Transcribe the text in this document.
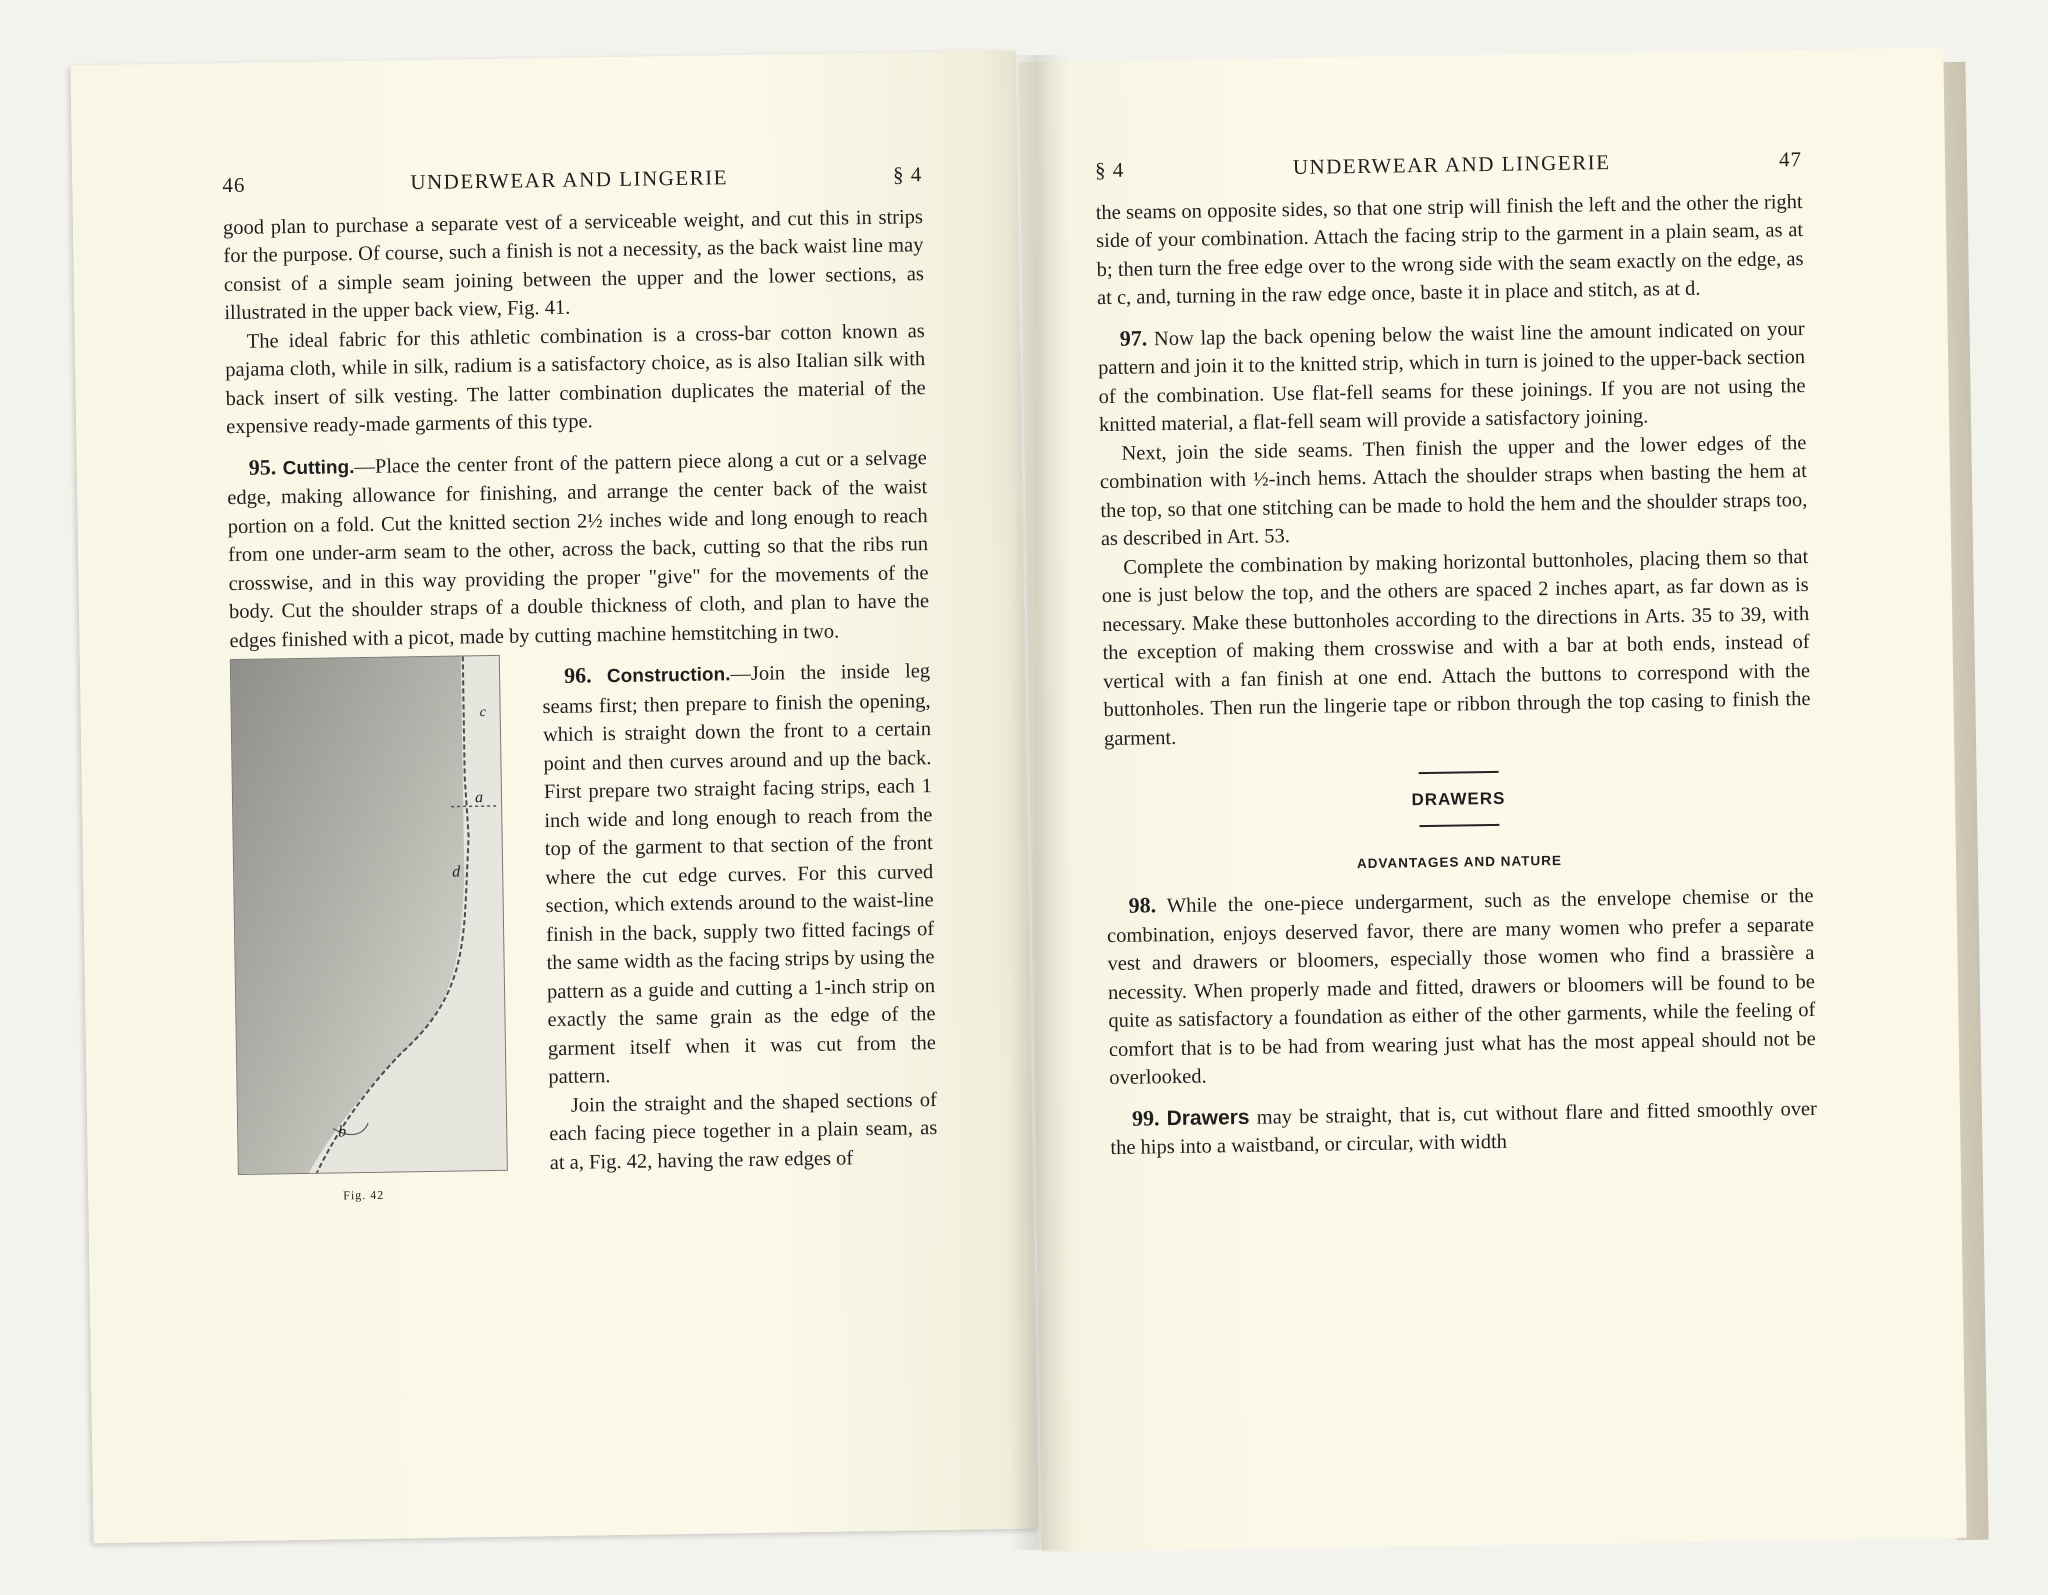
46	UNDERWEAR AND LINGERIE	§ 4

good plan to purchase a separate vest of a serviceable weight, and cut this in strips for the purpose. Of course, such a finish is not a necessity, as the back waist line may consist of a simple seam joining between the upper and the lower sections, as illustrated in the upper back view, Fig. 41.

The ideal fabric for this athletic combination is a cross-bar cotton known as pajama cloth, while in silk, radium is a satisfactory choice, as is also Italian silk with back insert of silk vesting. The latter combination duplicates the material of the expensive ready-made garments of this type.

95. Cutting.—Place the center front of the pattern piece along a cut or a selvage edge, making allowance for finishing, and arrange the center back of the waist portion on a fold. Cut the knitted section 2½ inches wide and long enough to reach from one under-arm seam to the other, across the back, cutting so that the ribs run crosswise, and in this way providing the proper "give" for the movements of the body. Cut the shoulder straps of a double thickness of cloth, and plan to have the edges finished with a picot, made by cutting machine hemstitching in two.

c
a
d
b
Fig. 42

96. Construction.—Join the inside leg seams first; then prepare to finish the opening, which is straight down the front to a certain point and then curves around and up the back. First prepare two straight facing strips, each 1 inch wide and long enough to reach from the top of the garment to that section of the front where the cut edge curves. For this curved section, which extends around to the waist-line finish in the back, supply two fitted facings of the same width as the facing strips by using the pattern as a guide and cutting a 1-inch strip on exactly the same grain as the edge of the garment itself when it was cut from the pattern.

Join the straight and the shaped sections of each facing piece together in a plain seam, as at a, Fig. 42, having the raw edges of

§ 4	UNDERWEAR AND LINGERIE	47

the seams on opposite sides, so that one strip will finish the left and the other the right side of your combination. Attach the facing strip to the garment in a plain seam, as at b; then turn the free edge over to the wrong side with the seam exactly on the edge, as at c, and, turning in the raw edge once, baste it in place and stitch, as at d.

97. Now lap the back opening below the waist line the amount indicated on your pattern and join it to the knitted strip, which in turn is joined to the upper-back section of the combination. Use flat-fell seams for these joinings. If you are not using the knitted material, a flat-fell seam will provide a satisfactory joining.

Next, join the side seams. Then finish the upper and the lower edges of the combination with ½-inch hems. Attach the shoulder straps when basting the hem at the top, so that one stitching can be made to hold the hem and the shoulder straps too, as described in Art. 53.

Complete the combination by making horizontal buttonholes, placing them so that one is just below the top, and the others are spaced 2 inches apart, as far down as is necessary. Make these buttonholes according to the directions in Arts. 35 to 39, with the exception of making them crosswise and with a bar at both ends, instead of vertical with a fan finish at one end. Attach the buttons to correspond with the buttonholes. Then run the lingerie tape or ribbon through the top casing to finish the garment.

DRAWERS
ADVANTAGES AND NATURE

98. While the one-piece undergarment, such as the envelope chemise or the combination, enjoys deserved favor, there are many women who prefer a separate vest and drawers or bloomers, especially those women who find a brassière a necessity. When properly made and fitted, drawers or bloomers will be found to be quite as satisfactory a foundation as either of the other garments, while the feeling of comfort that is to be had from wearing just what has the most appeal should not be overlooked.

99. Drawers may be straight, that is, cut without flare and fitted smoothly over the hips into a waistband, or circular, with width
